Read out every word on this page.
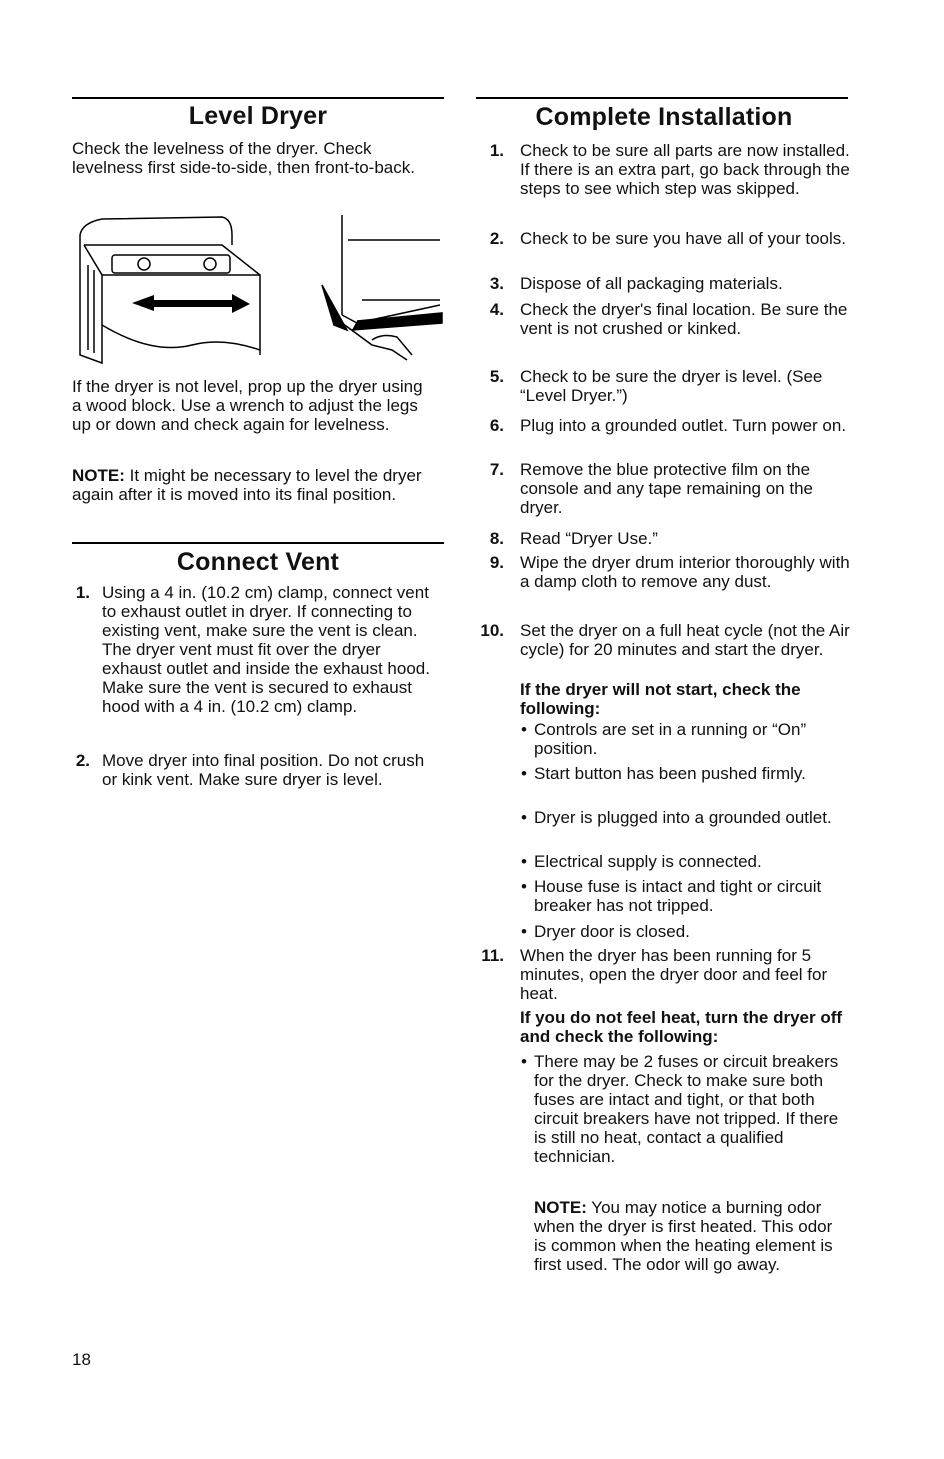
Level Dryer
Check the levelness of the dryer. Check levelness first side-to-side, then front-to-back.
If the dryer is not level, prop up the dryer using a wood block. Use a wrench to adjust the legs up or down and check again for levelness.
NOTE: It might be necessary to level the dryer again after it is moved into its final position.
Connect Vent
1. Using a 4 in. (10.2 cm) clamp, connect vent to exhaust outlet in dryer. If connecting to existing vent, make sure the vent is clean. The dryer vent must fit over the dryer exhaust outlet and inside the exhaust hood. Make sure the vent is secured to exhaust hood with a 4 in. (10.2 cm) clamp.
2. Move dryer into final position. Do not crush or kink vent. Make sure dryer is level.
Complete Installation
1. Check to be sure all parts are now installed. If there is an extra part, go back through the steps to see which step was skipped.
2. Check to be sure you have all of your tools.
3. Dispose of all packaging materials.
4. Check the dryer's final location. Be sure the vent is not crushed or kinked.
5. Check to be sure the dryer is level. (See “Level Dryer.”)
6. Plug into a grounded outlet. Turn power on.
7. Remove the blue protective film on the console and any tape remaining on the dryer.
8. Read “Dryer Use.”
9. Wipe the dryer drum interior thoroughly with a damp cloth to remove any dust.
10. Set the dryer on a full heat cycle (not the Air cycle) for 20 minutes and start the dryer.
11. When the dryer has been running for 5 minutes, open the dryer door and feel for heat.
If the dryer will not start, check the following:
• Controls are set in a running or “On” position.
• Start button has been pushed firmly.
• Dryer is plugged into a grounded outlet.
• Electrical supply is connected.
• House fuse is intact and tight or circuit breaker has not tripped.
• Dryer door is closed.
If you do not feel heat, turn the dryer off and check the following:
• There may be 2 fuses or circuit breakers for the dryer. Check to make sure both fuses are intact and tight, or that both circuit breakers have not tripped. If there is still no heat, contact a qualified technician.
NOTE: You may notice a burning odor when the dryer is first heated. This odor is common when the heating element is first used. The odor will go away.
18
